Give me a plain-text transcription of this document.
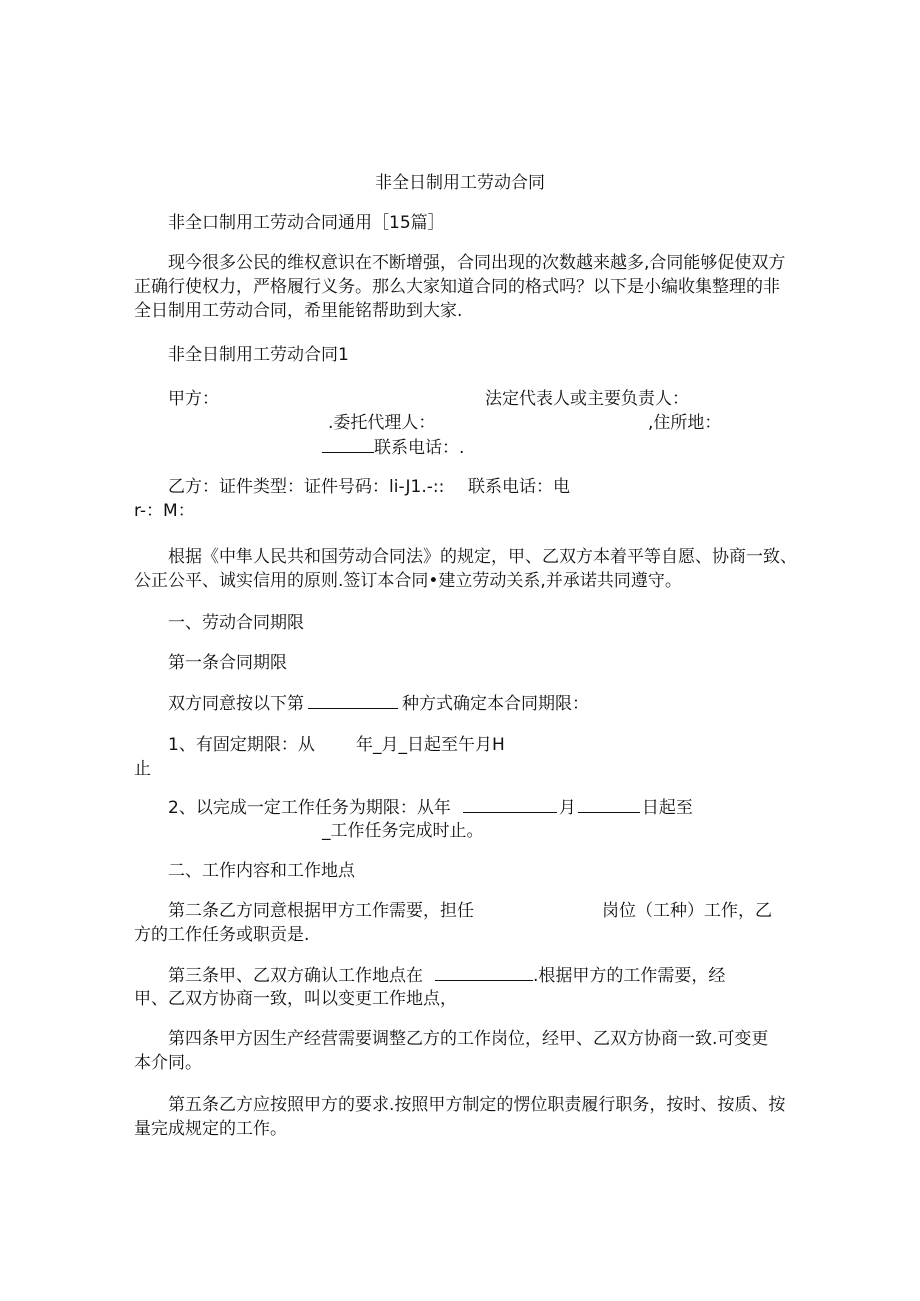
非全日制用工劳动合同
非全口制用工劳动合同通用［15篇］
现今很多公民的维权意识在不断增强，合同出现的次数越来越多,合同能够促使双方
正确行使权力，严格履行义务。那么大家知道合同的格式吗？以下是小编收集整理的非
全日制用工劳动合同，希里能铭帮助到大家.
非全日制用工劳动合同1
甲方：	法定代表人或主要负责人：
.委托代理人：	,住所地：
联系电话：.
乙方：证件类型：证件号码：li-J1.-:: 联系电话：电
r-：M：
根据《中隼人民共和国劳动合同法》的规定，甲、乙双方本着平等自愿、协商一致、
公正公平、诚实信用的原则.签订本合同•建立劳动关系,并承诺共同遵守。
一、劳动合同期限
第一条合同期限
双方同意按以下第	种方式确定本合同期限：
1、有固定期限：从 年_月_日起至午月H
止
2、以完成一定工作任务为期限：从年	月	日起至
_工作任务完成时止。
二、工作内容和工作地点
第二条乙方同意根据甲方工作需要，担任	岗位（工种）工作，乙
方的工作任务或职贡是.
第三条甲、乙双方确认工作地点在	.根据甲方的工作需要，经
甲、乙双方协商一致，叫以变更工作地点，
第四条甲方因生产经营需要调整乙方的工作岗位，经甲、乙双方协商一致.可变更
本介同。
第五条乙方应按照甲方的要求.按照甲方制定的愣位职责履行职务，按时、按质、按
量完成规定的工作。
